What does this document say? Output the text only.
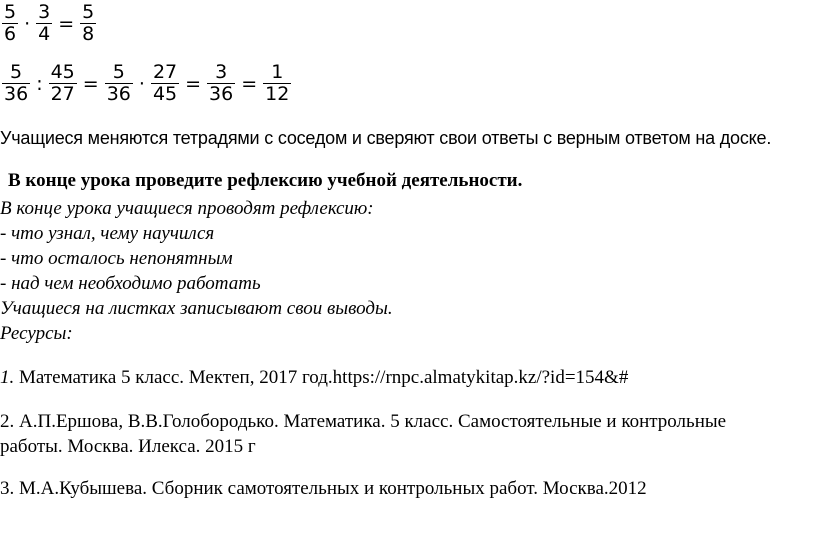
$\frac{5}{6} \cdot \frac{3}{4} = \frac{5}{8}$
$\frac{5}{36}$ : $\frac{45}{27} = \frac{5}{36} \cdot \frac{27}{45} = \frac{3}{36} = \frac{1}{12}$
Учащиеся меняются тетрадями с соседом и сверяют свои ответы с верным ответом на доске.
В конце урока проведите рефлексию учебной деятельности.
В конце урока учащиеся проводят рефлексию:
- что узнал, чему научился
- что осталось непонятным
- над чем необходимо работать
Учащиеся на листках записывают свои выводы.
Ресурсы:
1. Математика 5 класс. Мектеп, 2017 год.https://rnpc.almatykitap.kz/?id=154&#
2. А.П.Ершова, В.В.Голобородько. Математика. 5 класс. Самостоятельные и контрольные
работы. Москва. Илекса. 2015 г
3. М.А.Кубышева. Сборник самотоятельных и контрольных работ. Москва.2012
